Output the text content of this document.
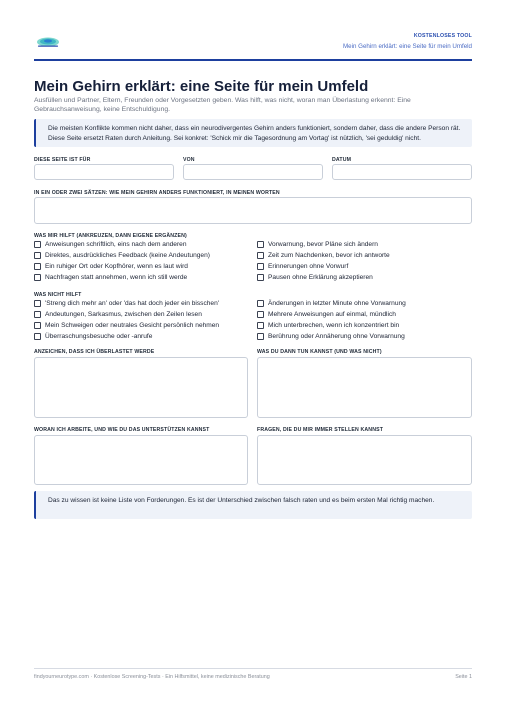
KOSTENLOSES TOOL
Mein Gehirn erklärt: eine Seite für mein Umfeld
Mein Gehirn erklärt: eine Seite für mein Umfeld

Ausfüllen und Partner, Eltern, Freunden oder Vorgesetzten geben. Was hilft, was nicht, woran man Überlastung erkennt: Eine Gebrauchsanweisung, keine Entschuldigung.

Die meisten Konflikte kommen nicht daher, dass ein neurodivergentes Gehirn anders funktioniert, sondern daher, dass die andere Person rät. Diese Seite ersetzt Raten durch Anleitung. Sei konkret: 'Schick mir die Tagesordnung am Vortag' ist nützlich, 'sei geduldig' nicht.
DIESE SEITE IST FÜR	VON	DATUM
IN EIN ODER ZWEI SÄTZEN: WIE MEIN GEHIRN ANDERS FUNKTIONIERT, IN MEINEN WORTEN
WAS MIR HILFT (ANKREUZEN, DANN EIGENE ERGÄNZEN)
Anweisungen schriftlich, eins nach dem anderen
Direktes, ausdrückliches Feedback (keine Andeutungen)
Ein ruhiger Ort oder Kopfhörer, wenn es laut wird
Nachfragen statt annehmen, wenn ich still werde
Vorwarnung, bevor Pläne sich ändern
Zeit zum Nachdenken, bevor ich antworte
Erinnerungen ohne Vorwurf
Pausen ohne Erklärung akzeptieren
WAS NICHT HILFT
'Streng dich mehr an' oder 'das hat doch jeder ein bisschen'
Andeutungen, Sarkasmus, zwischen den Zeilen lesen
Mein Schweigen oder neutrales Gesicht persönlich nehmen
Überraschungsbesuche oder -anrufe
Änderungen in letzter Minute ohne Vorwarnung
Mehrere Anweisungen auf einmal, mündlich
Mich unterbrechen, wenn ich konzentriert bin
Berührung oder Annäherung ohne Vorwarnung
ANZEICHEN, DASS ICH ÜBERLASTET WERDE	WAS DU DANN TUN KANNST (UND WAS NICHT)
WORAN ICH ARBEITE, UND WIE DU DAS UNTERSTÜTZEN KANNST	FRAGEN, DIE DU MIR IMMER STELLEN KANNST
Das zu wissen ist keine Liste von Forderungen. Es ist der Unterschied zwischen falsch raten und es beim ersten Mal richtig machen.
findyourneurotype.com · Kostenlose Screening-Tests · Ein Hilfsmittel, keine medizinische Beratung	Seite 1
